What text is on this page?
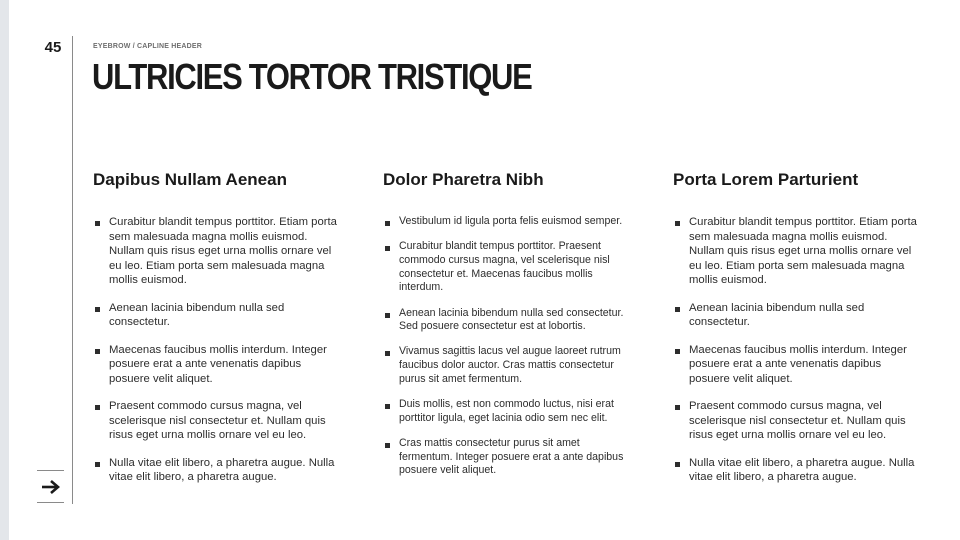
45	EYEBROW / CAPLINE HEADER
ULTRICIES TORTOR TRISTIQUE
Dapibus Nullam Aenean
Curabitur blandit tempus porttitor. Etiam porta sem malesuada magna mollis euismod. Nullam quis risus eget urna mollis ornare vel eu leo. Etiam porta sem malesuada magna mollis euismod.
Aenean lacinia bibendum nulla sed consectetur.
Maecenas faucibus mollis interdum. Integer posuere erat a ante venenatis dapibus posuere velit aliquet.
Praesent commodo cursus magna, vel scelerisque nisl consectetur et. Nullam quis risus eget urna mollis ornare vel eu leo.
Nulla vitae elit libero, a pharetra augue. Nulla vitae elit libero, a pharetra augue.
Dolor Pharetra Nibh
Vestibulum id ligula porta felis euismod semper.
Curabitur blandit tempus porttitor. Praesent commodo cursus magna, vel scelerisque nisl consectetur et. Maecenas faucibus mollis interdum.
Aenean lacinia bibendum nulla sed consectetur. Sed posuere consectetur est at lobortis.
Vivamus sagittis lacus vel augue laoreet rutrum faucibus dolor auctor. Cras mattis consectetur purus sit amet fermentum.
Duis mollis, est non commodo luctus, nisi erat porttitor ligula, eget lacinia odio sem nec elit.
Cras mattis consectetur purus sit amet fermentum. Integer posuere erat a ante dapibus posuere velit aliquet.
Porta Lorem Parturient
Curabitur blandit tempus porttitor. Etiam porta sem malesuada magna mollis euismod. Nullam quis risus eget urna mollis ornare vel eu leo. Etiam porta sem malesuada magna mollis euismod.
Aenean lacinia bibendum nulla sed consectetur.
Maecenas faucibus mollis interdum. Integer posuere erat a ante venenatis dapibus posuere velit aliquet.
Praesent commodo cursus magna, vel scelerisque nisl consectetur et. Nullam quis risus eget urna mollis ornare vel eu leo.
Nulla vitae elit libero, a pharetra augue. Nulla vitae elit libero, a pharetra augue.
